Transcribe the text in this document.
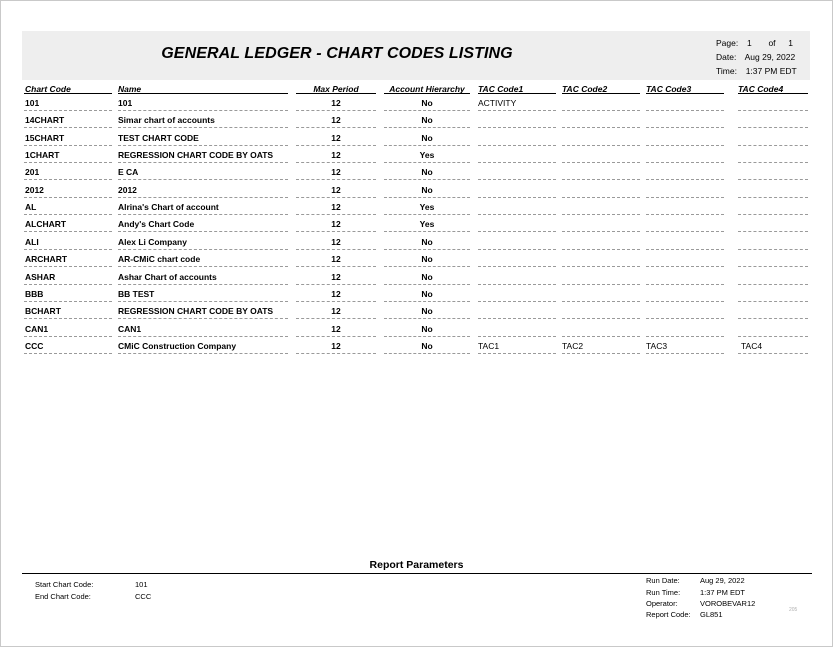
GENERAL LEDGER - CHART CODES LISTING
Page: 1 of 1
Date: Aug 29, 2022
Time: 1:37 PM EDT
Chart Code	Name	Max Period	Account Hierarchy	TAC Code1	TAC Code2	TAC Code3	TAC Code4
101	101	12	No	ACTIVITY
14CHART	Simar chart of accounts	12	No
15CHART	TEST CHART CODE	12	No
1CHART	REGRESSION CHART CODE BY OATS	12	Yes
201	E CA	12	No
2012	2012	12	No
AL	Alrina's Chart of account	12	Yes
ALCHART	Andy's Chart Code	12	Yes
ALI	Alex Li Company	12	No
ARCHART	AR-CMiC chart code	12	No
ASHAR	Ashar Chart of accounts	12	No
BBB	BB TEST	12	No
BCHART	REGRESSION CHART CODE BY OATS	12	No
CAN1	CAN1	12	No
CCC	CMiC Construction Company	12	No	TAC1	TAC2	TAC3	TAC4
Report Parameters
Start Chart Code:	101
End Chart Code:	CCC
Run Date:	Aug 29, 2022
Run Time:	1:37 PM EDT
Operator:	VOROBEVAR12
Report Code: GL851	205
